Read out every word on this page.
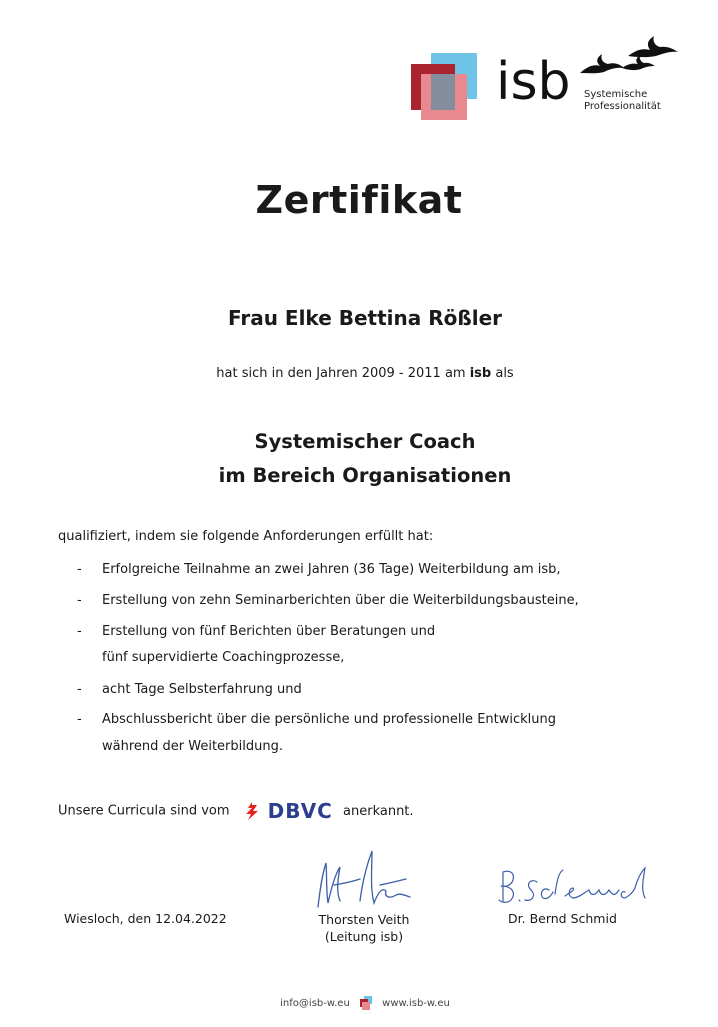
isb Systemische
Professionalität
Zertifikat
Frau Elke Bettina Rößler
hat sich in den Jahren 2009 - 2011 am isb als
Systemischer Coach
im Bereich Organisationen
qualifiziert, indem sie folgende Anforderungen erfüllt hat:
- Erfolgreiche Teilnahme an zwei Jahren (36 Tage) Weiterbildung am isb,
- Erstellung von zehn Seminarberichten über die Weiterbildungsbausteine,
- Erstellung von fünf Berichten über Beratungen und
fünf supervidierte Coachingprozesse,
- acht Tage Selbsterfahrung und
- Abschlussbericht über die persönliche und professionelle Entwicklung
während der Weiterbildung.
Unsere Curricula sind vom DBVC anerkannt.
Wiesloch, den 12.04.2022	Thorsten Veith
(Leitung isb)
Dr. Bernd Schmid
info@isb-w.eu	www.isb-w.eu
